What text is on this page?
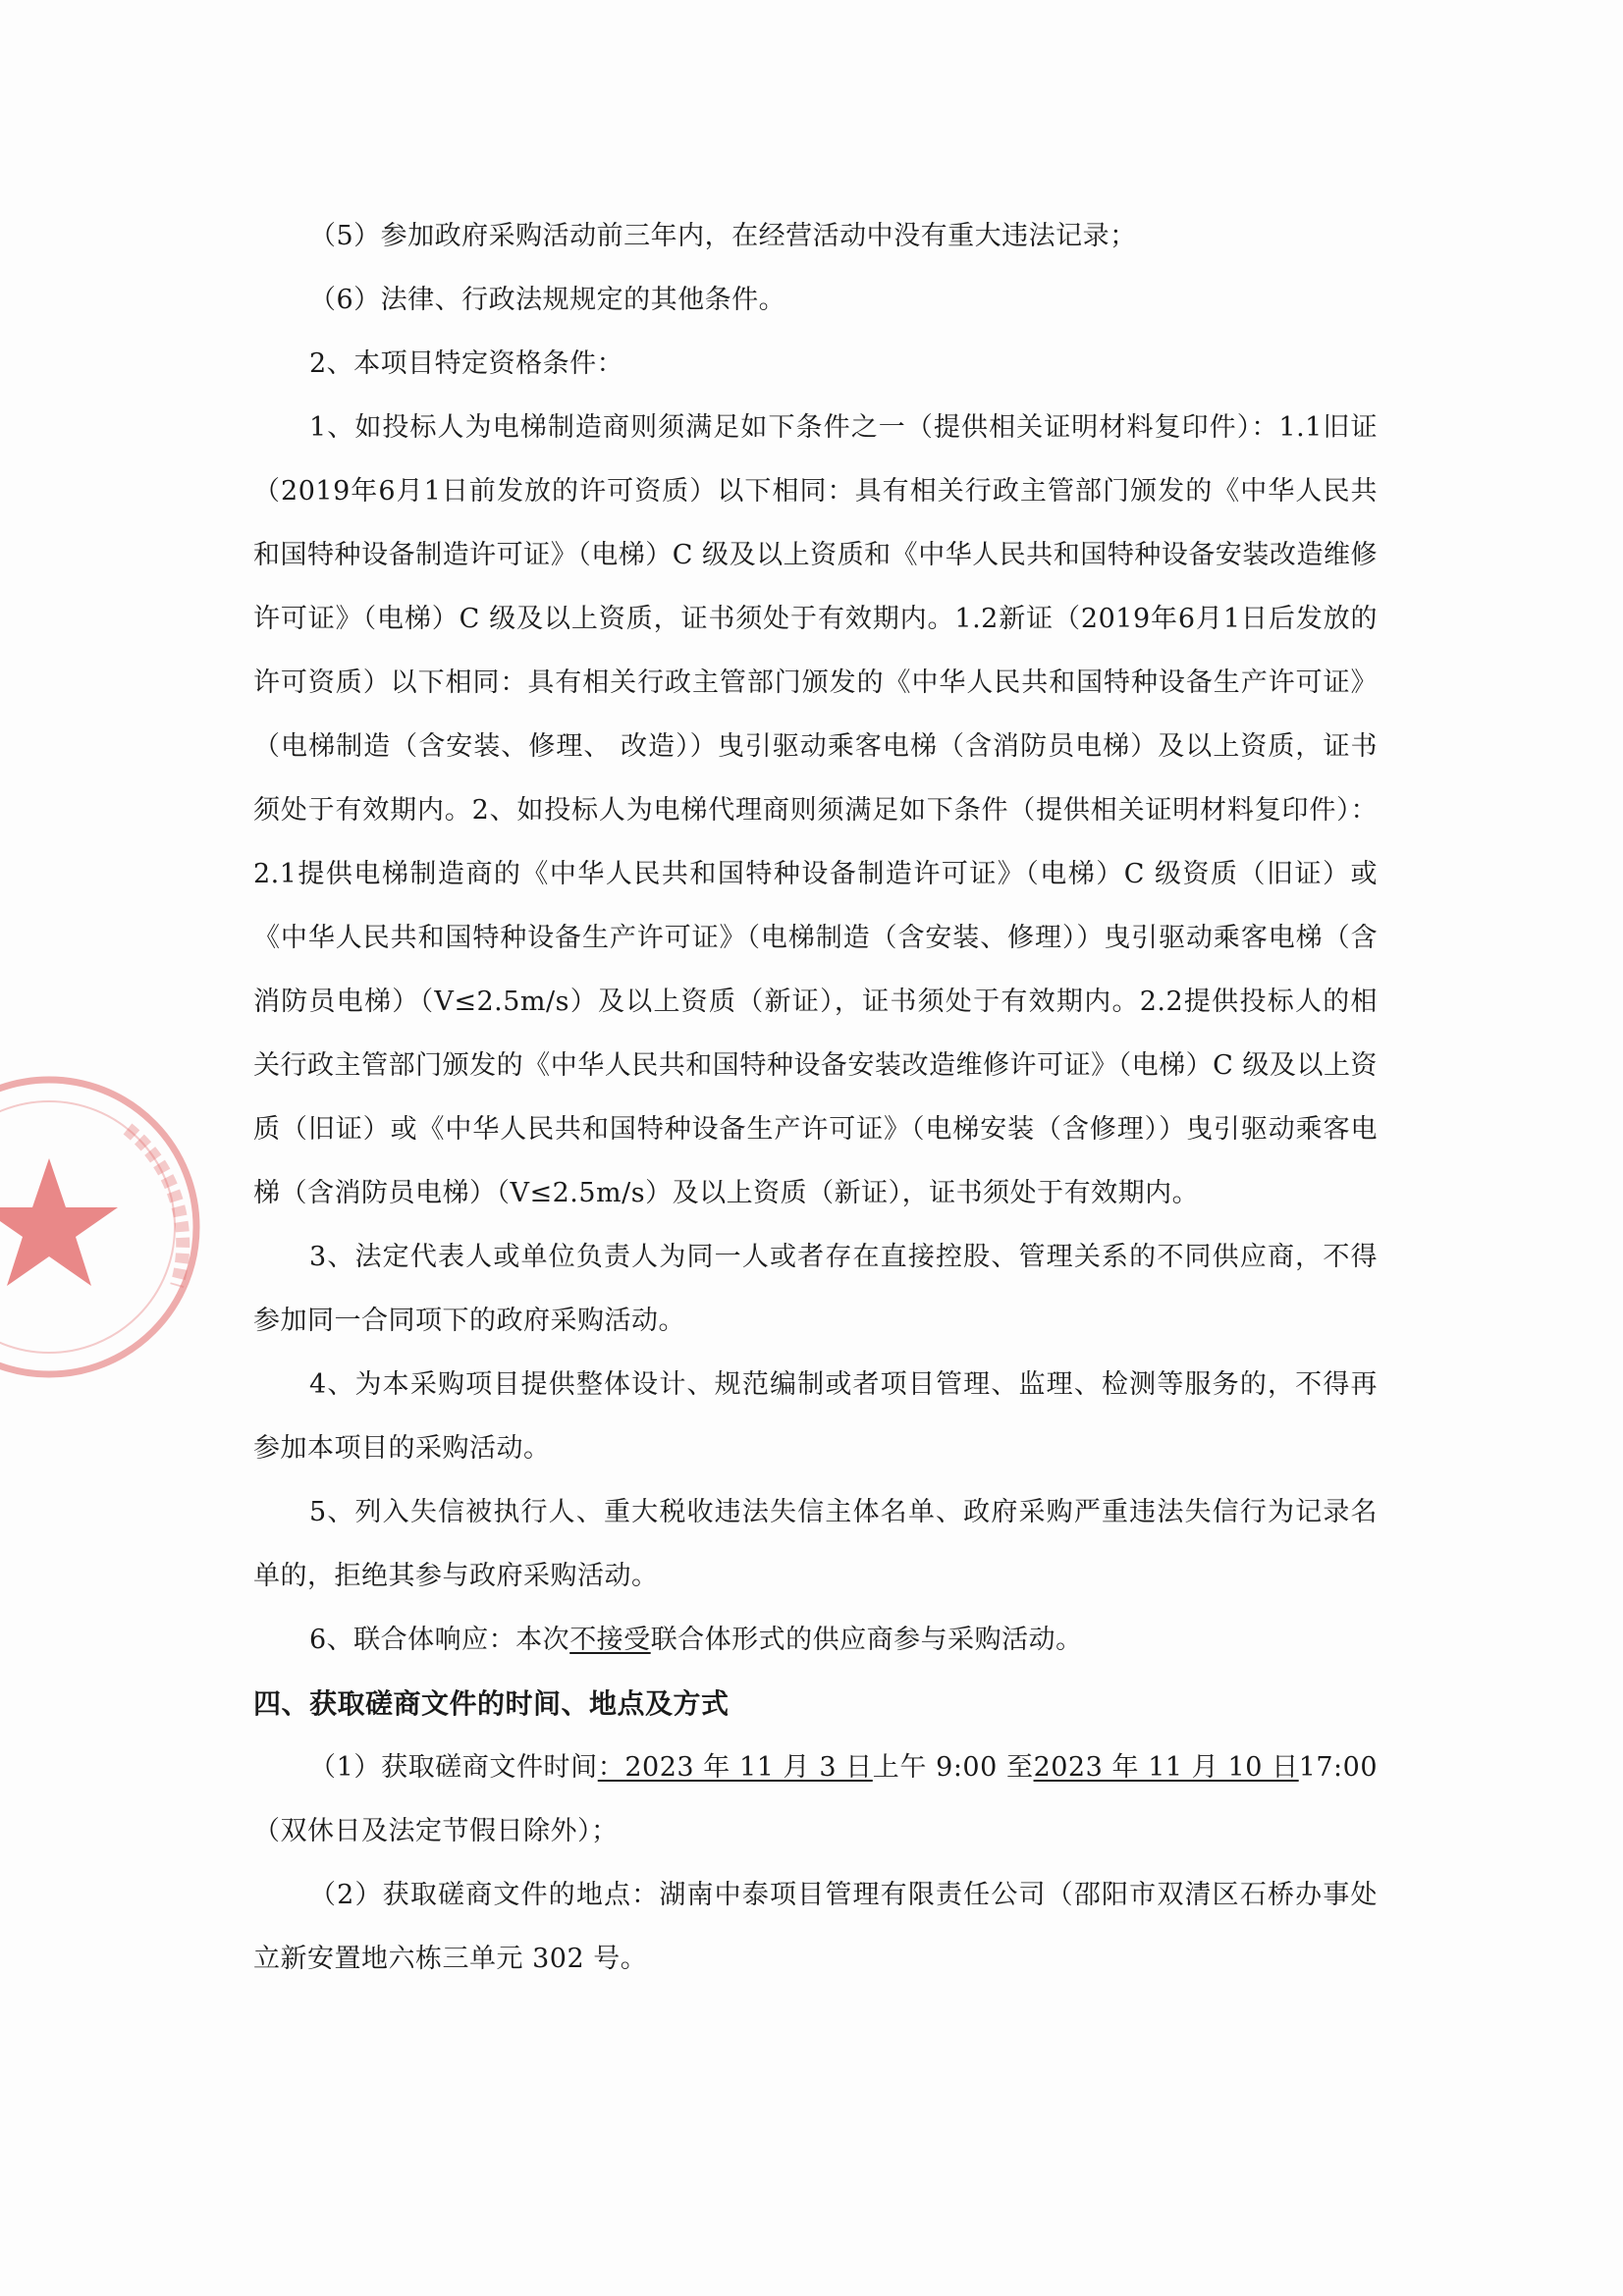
（5）参加政府采购活动前三年内，在经营活动中没有重大违法记录；

（6）法律、行政法规规定的其他条件。

2、本项目特定资格条件：

1、如投标人为电梯制造商则须满足如下条件之一（提供相关证明材料复印件）：1.1旧证（2019年6月1日前发放的许可资质）以下相同：具有相关行政主管部门颁发的《中华人民共和国特种设备制造许可证》（电梯）C 级及以上资质和《中华人民共和国特种设备安装改造维修许可证》（电梯）C 级及以上资质，证书须处于有效期内。1.2新证（2019年6月1日后发放的许可资质）以下相同：具有相关行政主管部门颁发的《中华人民共和国特种设备生产许可证》（电梯制造（含安装、修理、 改造））曳引驱动乘客电梯（含消防员电梯）及以上资质，证书须处于有效期内。2、如投标人为电梯代理商则须满足如下条件（提供相关证明材料复印件）：2.1提供电梯制造商的《中华人民共和国特种设备制造许可证》（电梯）C 级资质（旧证）或《中华人民共和国特种设备生产许可证》（电梯制造（含安装、修理））曳引驱动乘客电梯（含消防员电梯）（V≤2.5m/s）及以上资质（新证），证书须处于有效期内。2.2提供投标人的相关行政主管部门颁发的《中华人民共和国特种设备安装改造维修许可证》（电梯）C 级及以上资质（旧证）或《中华人民共和国特种设备生产许可证》（电梯安装（含修理））曳引驱动乘客电梯（含消防员电梯）（V≤2.5m/s）及以上资质（新证），证书须处于有效期内。

3、法定代表人或单位负责人为同一人或者存在直接控股、管理关系的不同供应商，不得参加同一合同项下的政府采购活动。

4、为本采购项目提供整体设计、规范编制或者项目管理、监理、检测等服务的，不得再参加本项目的采购活动。

5、列入失信被执行人、重大税收违法失信主体名单、政府采购严重违法失信行为记录名单的，拒绝其参与政府采购活动。

6、联合体响应：本次不接受联合体形式的供应商参与采购活动。

四、获取磋商文件的时间、地点及方式

（1）获取磋商文件时间：2023 年 11 月 3 日上午 9:00 至2023 年 11 月 10 日17:00（双休日及法定节假日除外）；

（2）获取磋商文件的地点：湖南中泰项目管理有限责任公司（邵阳市双清区石桥办事处立新安置地六栋三单元 302 号。
